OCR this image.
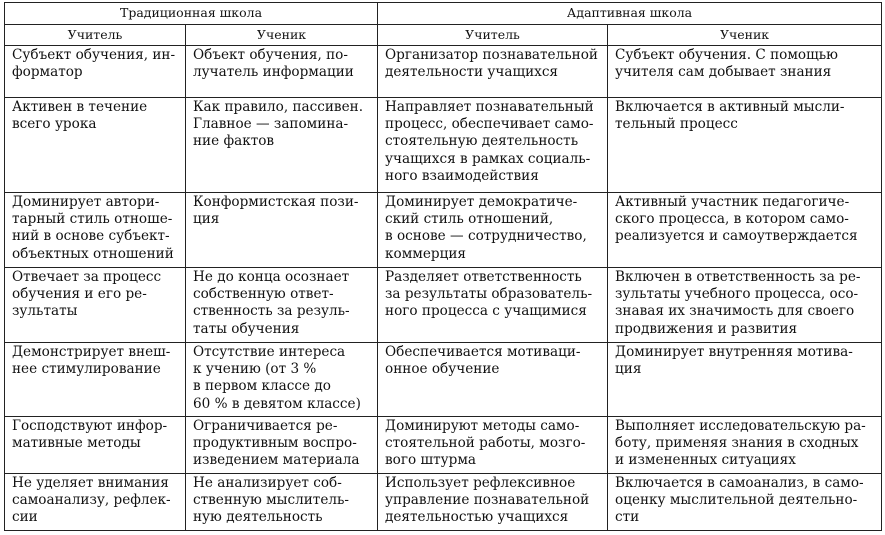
Традиционная школа		Адаптивная школа	
Учитель	Ученик	Учитель	Ученик

Субъект обучения, ин-
форматор	Объект обучения, по-
лучатель информации	Организатор познавательной
деятельности учащихся	Субъект обучения. С помощью
учителя сам добывает знания

Активен в течение
всего урока	Как правило, пассивен.
Главное — запомина-
ние фактов	Направляет познавательный
процесс, обеспечивает само-
стоятельную деятельность
учащихся в рамках социаль-
ного взаимодействия	Включается в активный мысли-
тельный процесс

Доминирует автори-
тарный стиль отноше-
ний в основе субъект-
объектных отношений	Конформистская пози-
ция	Доминирует демократиче-
ский стиль отношений,
в основе — сотрудничество,
коммерция	Активный участник педагогиче-
ского процесса, в котором само-
реализуется и самоутверждается

Отвечает за процесс
обучения и его ре-
зультаты	Не до конца осознает
собственную ответ-
ственность за резуль-
таты обучения	Разделяет ответственность
за результаты образователь-
ного процесса с учащимися	Включен в ответственность за ре-
зультаты учебного процесса, осо-
знавая их значимость для своего
продвижения и развития

Демонстрирует внеш-
нее стимулирование	Отсутствие интереса
к учению (от 3 %
в первом классе до
60 % в девятом классе)	Обеспечивается мотиваци-
онное обучение	Доминирует внутренняя мотива-
ция

Господствуют инфор-
мативные методы	Ограничивается ре-
продуктивным воспро-
изведением материала	Доминируют методы само-
стоятельной работы, мозго-
вого штурма	Выполняет исследовательскую ра-
боту, применяя знания в сходных
и измененных ситуациях

Не уделяет внимания
самоанализу, рефлек-
сии	Не анализирует соб-
ственную мыслитель-
ную деятельность	Использует рефлексивное
управление познавательной
деятельностью учащихся	Включается в самоанализ, в само-
оценку мыслительной деятельно-
сти
